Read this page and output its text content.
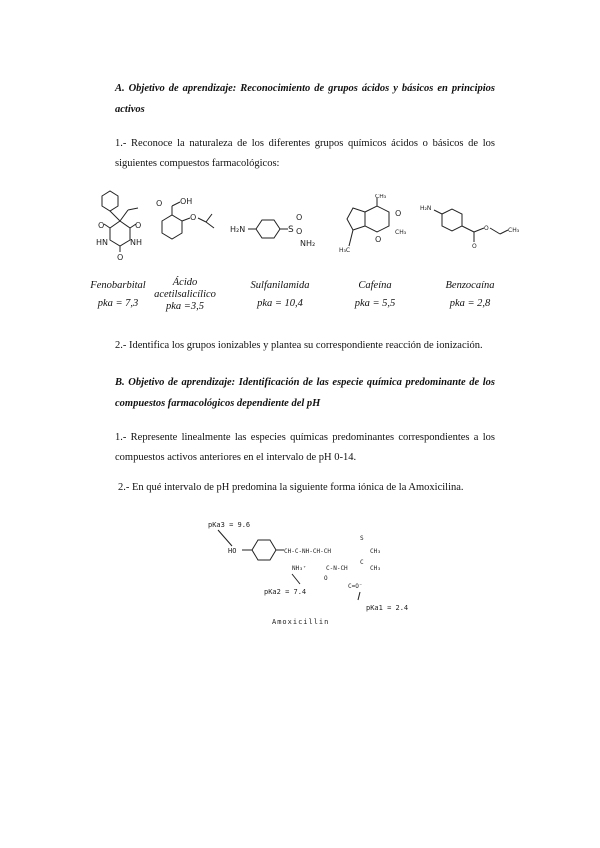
A. Objetivo de aprendizaje: Reconocimiento de grupos ácidos y básicos en principios activos
1.- Reconoce la naturaleza de los diferentes grupos químicos ácidos o básicos de los siguientes compuestos farmacológicos:
O	O
HN	NH
O
O OH
O
H₂N	S
O
O
NH₂
CH₃
O
CH₃
O
H₃C
H₂N
O
O	CH₃
Fenobarbital
pka = 7,3
Ácido acetilsalicílico
pka =3,5
Sulfanilamida
pka = 10,4
Cafeína
pka = 5,5
Benzocaína
pka = 2,8
2.- Identifica los grupos ionizables y plantea su correspondiente reacción de ionización.
B. Objetivo de aprendizaje: Identificación de las especie química predominante de los compuestos farmacológicos dependiente del pH
1.- Represente linealmente las especies químicas predominantes correspondientes a los compuestos activos anteriores en el intervalo de pH 0-14.
2.- En qué intervalo de pH predomina la siguiente forma iónica de la Amoxicilina.
pKa3 = 9.6
HO	CH-C-NH-CH-CH
NH₃⁺
S
CH₃
C
CH₃
C-N-CH
O
C=O⁻
pKa2 = 7.4
pKa1 = 2.4
Amoxicillin
